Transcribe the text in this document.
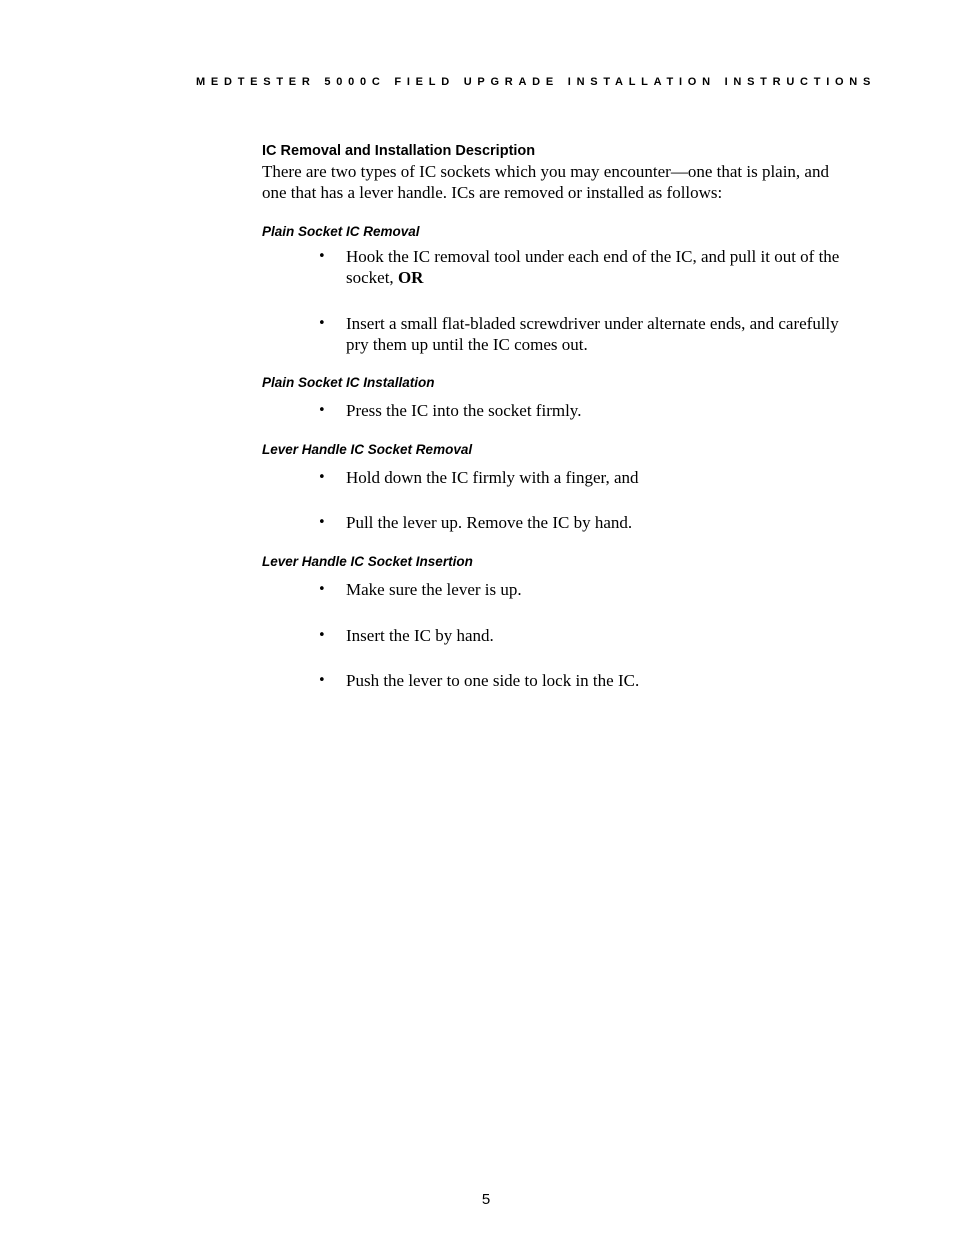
MEDTESTER 5000C FIELD UPGRADE INSTALLATION INSTRUCTIONS
IC Removal and Installation Description

There are two types of IC sockets which you may encounter—one that is plain, and one that has a lever handle. ICs are removed or installed as follows:

Plain Socket IC Removal
• Hook the IC removal tool under each end of the IC, and pull it out of the socket, OR
• Insert a small flat-bladed screwdriver under alternate ends, and carefully pry them up until the IC comes out.
Plain Socket IC Installation
• Press the IC into the socket firmly.
Lever Handle IC Socket Removal
• Hold down the IC firmly with a finger, and
• Pull the lever up. Remove the IC by hand.
Lever Handle IC Socket Insertion
• Make sure the lever is up.
• Insert the IC by hand.
• Push the lever to one side to lock in the IC.
5
